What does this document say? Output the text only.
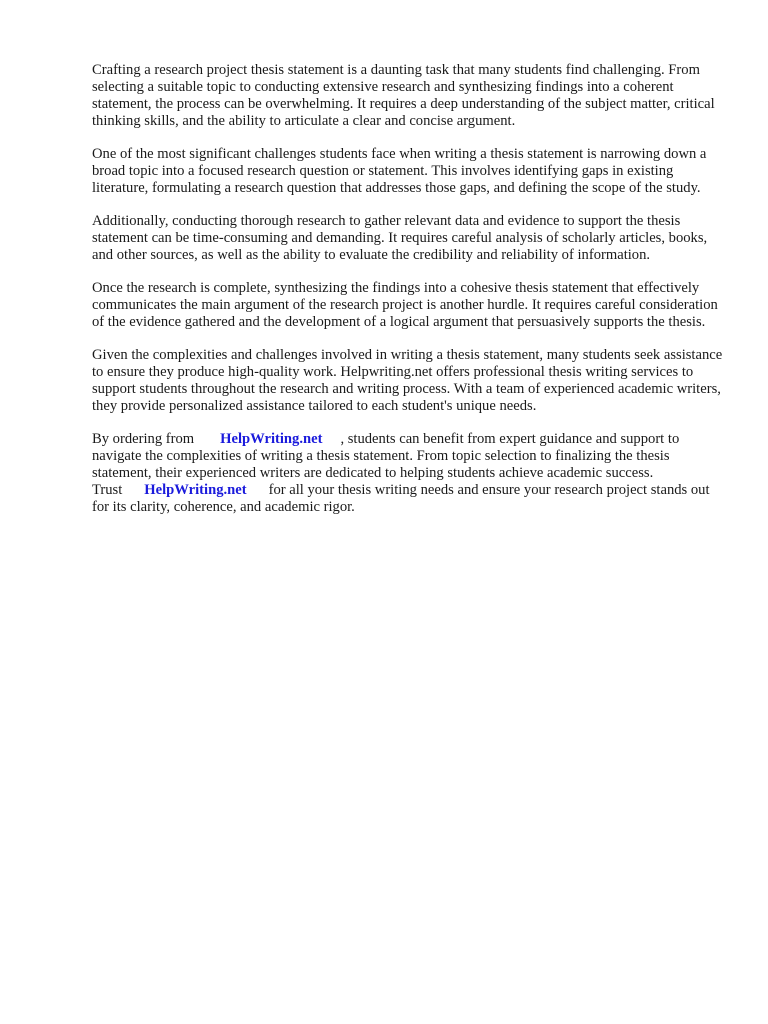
Crafting a research project thesis statement is a daunting task that many students find challenging. From selecting a suitable topic to conducting extensive research and synthesizing findings into a coherent statement, the process can be overwhelming. It requires a deep understanding of the subject matter, critical thinking skills, and the ability to articulate a clear and concise argument.

One of the most significant challenges students face when writing a thesis statement is narrowing down a broad topic into a focused research question or statement. This involves identifying gaps in existing literature, formulating a research question that addresses those gaps, and defining the scope of the study.

Additionally, conducting thorough research to gather relevant data and evidence to support the thesis statement can be time-consuming and demanding. It requires careful analysis of scholarly articles, books, and other sources, as well as the ability to evaluate the credibility and reliability of information.

Once the research is complete, synthesizing the findings into a cohesive thesis statement that effectively communicates the main argument of the research project is another hurdle. It requires careful consideration of the evidence gathered and the development of a logical argument that persuasively supports the thesis.

Given the complexities and challenges involved in writing a thesis statement, many students seek assistance to ensure they produce high-quality work. Helpwriting.net offers professional thesis writing services to support students throughout the research and writing process. With a team of experienced academic writers, they provide personalized assistance tailored to each student's unique needs.

By ordering from HelpWriting.net , students can benefit from expert guidance and support to navigate the complexities of writing a thesis statement. From topic selection to finalizing the thesis statement, their experienced writers are dedicated to helping students achieve academic success. Trust HelpWriting.net for all your thesis writing needs and ensure your research project stands out for its clarity, coherence, and academic rigor.
